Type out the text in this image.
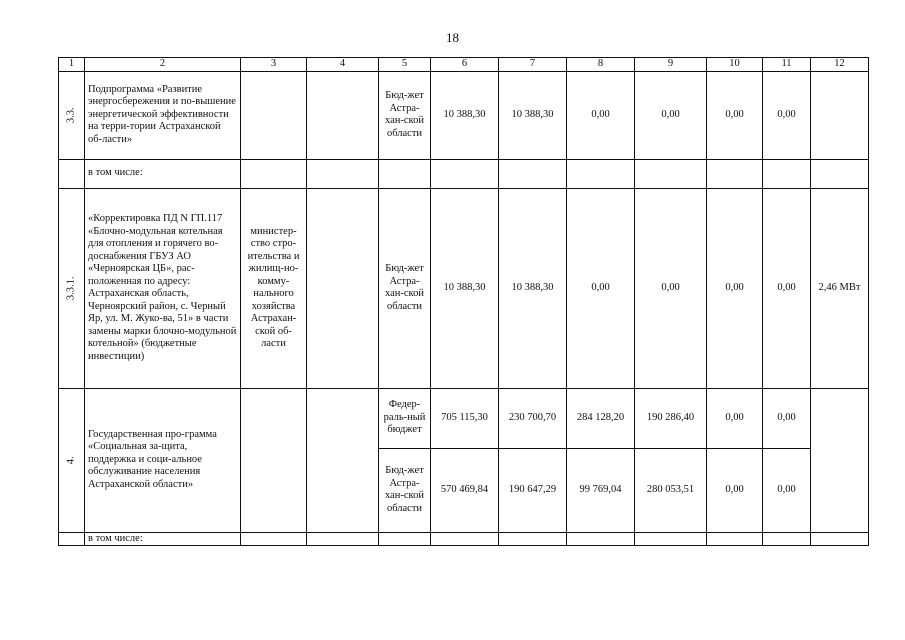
18
1	2	3	4	5	6	7	8	9	10	11	12

3.3.	Подпрограмма «Развитие энергосбережения и по-вышение энергетической эффективности на терри-тории Астраханской об-ласти»			Бюд-жет Астра-хан-ской области	10 388,30	10 388,30	0,00	0,00	0,00	0,00	
	в том числе:										

3.3.1.	«Корректировка ПД N ГП.117 «Блочно-модульная котельная для отопления и горячего во-доснабжения ГБУЗ АО «Черноярская ЦБ», рас-положенная по адресу: Астраханская область, Черноярский район, с. Черный Яр, ул. М. Жуко-ва, 51» в части замены марки блочно-модульной котельной» (бюджетные инвестиции)	министер-ство стро-ительства и жилищ-но-комму-нального хозяйства Астрахан-ской об-ласти		Бюд-жет Астра-хан-ской области	10 388,30	10 388,30	0,00	0,00	0,00	0,00	2,46 МВт

4.	Государственная про-грамма «Социальная за-щита, поддержка и соци-альное обслуживание населения Астраханской области»			Федер-раль-ный бюджет	705 115,30	230 700,70	284 128,20	190 286,40	0,00	0,00	
				Бюд-жет Астра-хан-ской области	570 469,84	190 647,29	99 769,04	280 053,51	0,00	0,00	
	в том числе:										
